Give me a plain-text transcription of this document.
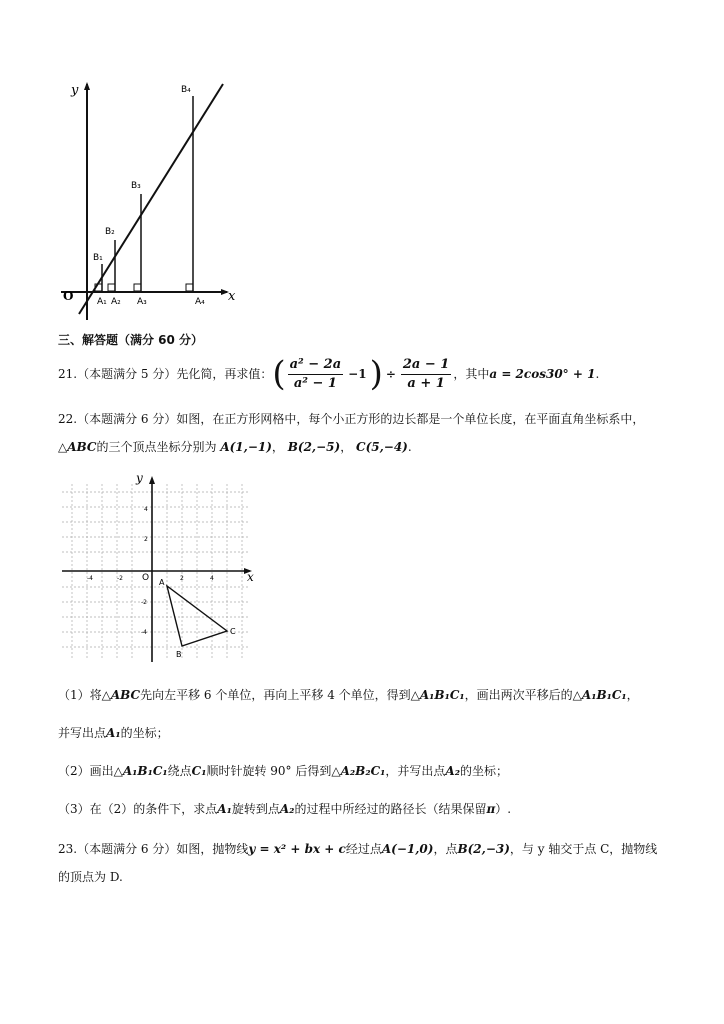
y
x
O
B₁
B₂
B₃
B₄
A₁ A₂ A₃	A₄
三、解答题（满分 60 分）
21.（本题满分 5 分）先化简，再求值： ( $\frac{\text{a² − 2a}}{\text{a² − 1}} -1$ ) ÷ $\frac{2a - 1}{a + 1}$ ，其中 a = 2cos30° + 1 .
22.（本题满分 6 分）如图，在正方形网格中，每个小正方形的边长都是一个单位长度，在平面直角坐标系中，
△ABC的三个顶点坐标分别为 A(1,−1)， B(2,−5)， C(5,−4).
x
y
O
-4	-2	2	4
4
2
-2
-4
A
B
C
（1）将△ABC先向左平移 6 个单位，再向上平移 4 个单位，得到△A₁B₁C₁，画出两次平移后的△A₁B₁C₁，
并写出点A₁的坐标；
（2）画出△A₁B₁C₁绕点C₁顺时针旋转 90° 后得到△A₂B₂C₁，并写出点A₂的坐标；
（3）在（2）的条件下，求点A₁旋转到点A₂的过程中所经过的路径长（结果保留π）.
23.（本题满分 6 分）如图，抛物线y = x² + bx + c经过点A(−1,0)，点B(2,−3)，与 y 轴交于点 C，抛物线
的顶点为 D.
